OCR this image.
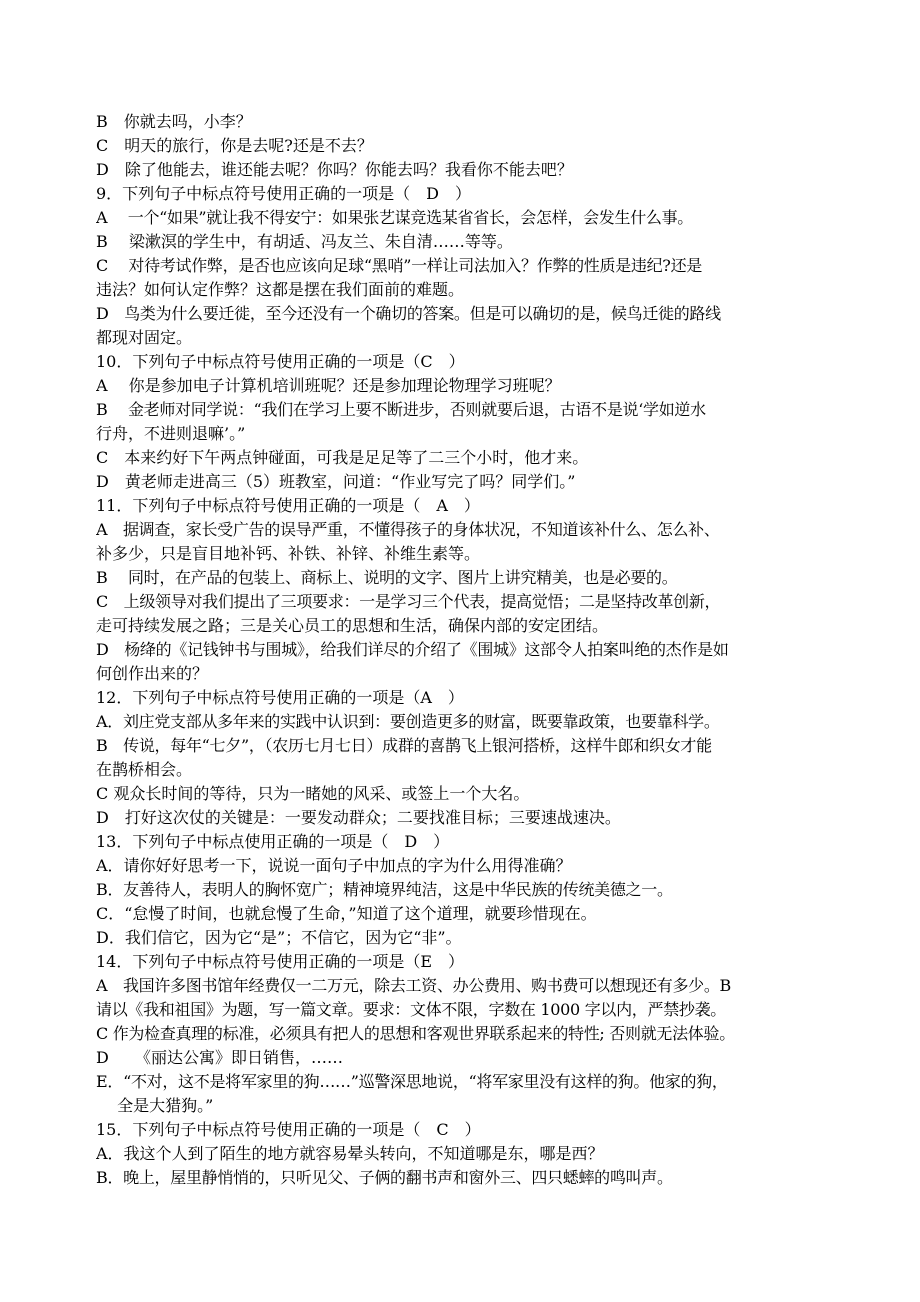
B　你就去吗，小李？
C　明天的旅行，你是去呢?还是不去？
D　除了他能去，谁还能去呢？你吗？你能去吗？我看你不能去吧？
9．下列句子中标点符号使用正确的一项是（　D　）
A　 一个“如果”就让我不得安宁：如果张艺谋竞选某省省长，会怎样，会发生什么事。
B　 梁漱溟的学生中，有胡适、冯友兰、朱自清……等等。
C　 对待考试作弊，是否也应该向足球“黑哨”一样让司法加入？作弊的性质是违纪?还是
违法？如何认定作弊？这都是摆在我们面前的难题。
D　鸟类为什么要迁徙，至今还没有一个确切的答案。但是可以确切的是，候鸟迁徙的路线
都现对固定。
10．下列句子中标点符号使用正确的一项是（C　）
A　 你是参加电子计算机培训班呢？还是参加理论物理学习班呢？
B　 金老师对同学说：“我们在学习上要不断进步，否则就要后退，古语不是说‘学如逆水
行舟，不进则退嘛’。”
C　本来约好下午两点钟碰面，可我是足足等了二三个小时，他才来。
D　黄老师走进高三（5）班教室，问道：“作业写完了吗？同学们。”
11．下列句子中标点符号使用正确的一项是（　A　）
A　据调查，家长受广告的误导严重，不懂得孩子的身体状况，不知道该补什么、怎么补、
补多少，只是盲目地补钙、补铁、补锌、补维生素等。
B　 同时，在产品的包装上、商标上、说明的文字、图片上讲究精美，也是必要的。
C　上级领导对我们提出了三项要求：一是学习三个代表，提高觉悟；二是坚持改革创新，
走可持续发展之路；三是关心员工的思想和生活，确保内部的安定团结。
D　杨绛的《记钱钟书与围城》，给我们详尽的介绍了《围城》这部令人拍案叫绝的杰作是如
何创作出来的？
12．下列句子中标点符号使用正确的一项是（A　）
A．刘庄党支部从多年来的实践中认识到：要创造更多的财富，既要靠政策，也要靠科学。
B　传说，每年“七夕”，（农历七月七日）成群的喜鹊飞上银河搭桥，这样牛郎和织女才能
在鹊桥相会。
C 观众长时间的等待，只为一睹她的风采、或签上一个大名。
D　打好这次仗的关键是：一要发动群众；二要找准目标；三要速战速决。
13．下列句子中标点使用正确的一项是（　D　）
A．请你好好思考一下，说说一面句子中加点的字为什么用得准确？
B．友善待人，表明人的胸怀宽广；精神境界纯洁，这是中华民族的传统美德之一。
C．“怠慢了时间，也就怠慢了生命，”知道了这个道理，就要珍惜现在。
D．我们信它，因为它“是”；不信它，因为它“非”。
14．下列句子中标点符号使用正确的一项是（E　）
A　我国许多图书馆年经费仅一二万元，除去工资、办公费用、购书费可以想现还有多少。B
请以《我和祖国》为题，写一篇文章。要求：文体不限，字数在 1000 字以内，严禁抄袭。
C 作为检查真理的标准，必须具有把人的思想和客观世界联系起来的特性; 否则就无法体验。
D　  《丽达公寓》即日销售，……
E．“不对，这不是将军家里的狗……”巡警深思地说，“将军家里没有这样的狗。他家的狗，
　 全是大猎狗。”
15．下列句子中标点符号使用正确的一项是（　C　）
A．我这个人到了陌生的地方就容易晕头转向，不知道哪是东，哪是西？
B．晚上，屋里静悄悄的，只听见父、子俩的翻书声和窗外三、四只蟋蟀的鸣叫声。
